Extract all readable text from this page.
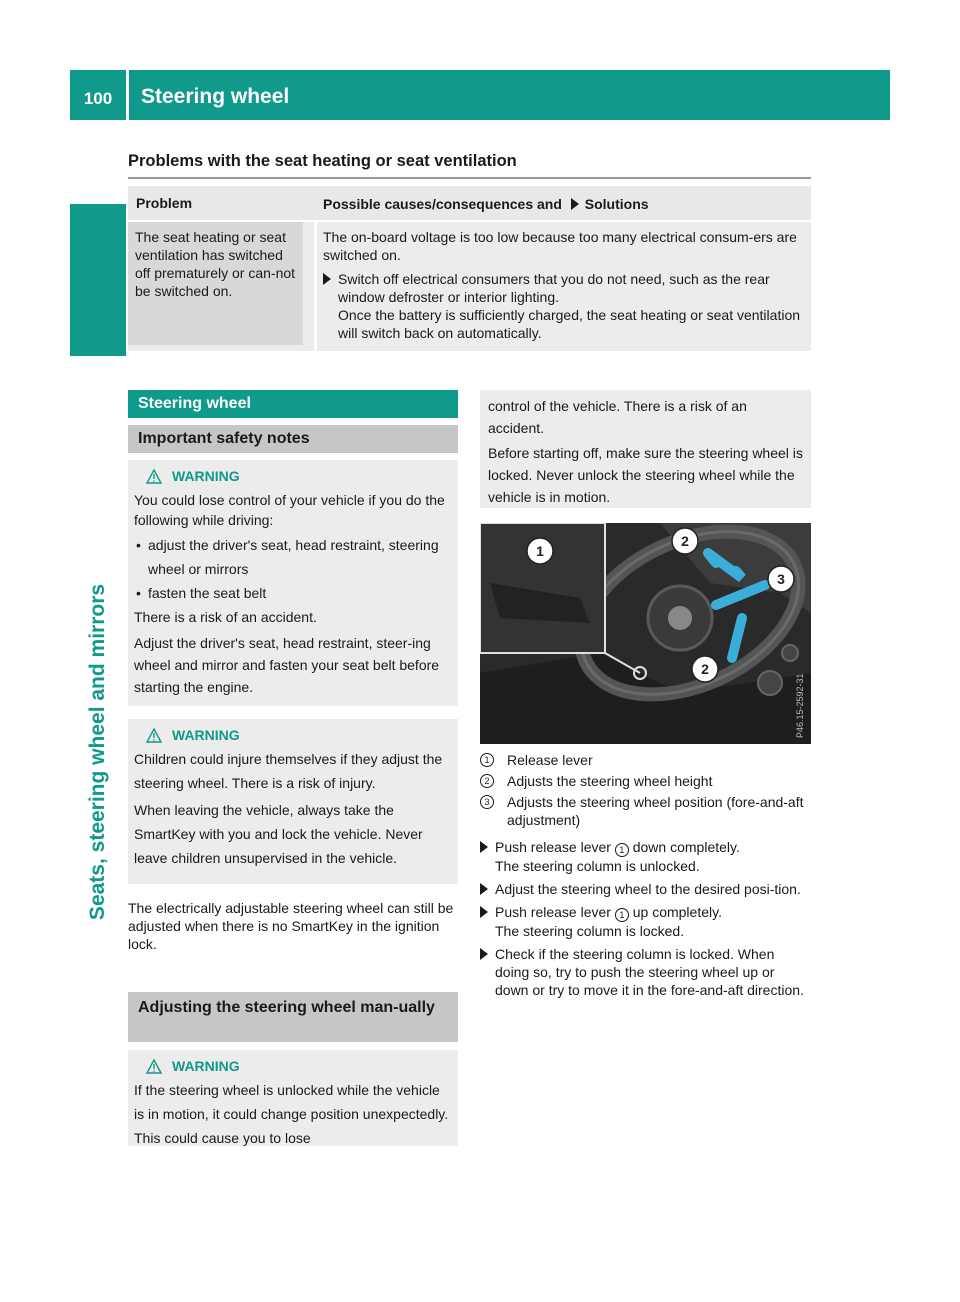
100	Steering wheel
Seats, steering wheel and mirrors
Problems with the seat heating or seat ventilation
Problem	Possible causes/consequences and Solutions
The seat heating or seat ventilation has switched off prematurely or can-not be switched on.

The on-board voltage is too low because too many electrical consum-ers are switched on.

Switch off electrical consumers that you do not need, such as the rear window defroster or interior lighting.
Once the battery is sufficiently charged, the seat heating or seat ventilation will switch back on automatically.
Steering wheel
Important safety notes
WARNING

You could lose control of your vehicle if you do the following while driving:

• adjust the driver's seat, head restraint, steering wheel or mirrors
• fasten the seat belt

There is a risk of an accident.

Adjust the driver's seat, head restraint, steer-ing wheel and mirror and fasten your seat belt before starting the engine.

WARNING

Children could injure themselves if they adjust the steering wheel. There is a risk of injury.

When leaving the vehicle, always take the SmartKey with you and lock the vehicle. Never leave children unsupervised in the vehicle.

The electrically adjustable steering wheel can still be adjusted when there is no SmartKey in the ignition lock.
Adjusting the steering wheel man-ually
WARNING

If the steering wheel is unlocked while the vehicle is in motion, it could change position unexpectedly. This could cause you to lose

control of the vehicle. There is a risk of an accident.

Before starting off, make sure the steering wheel is locked. Never unlock the steering wheel while the vehicle is in motion.

1
2
3
2
P46.15-2592-31
1	Release lever
2	Adjusts the steering wheel height
3	Adjusts the steering wheel position (fore-and-aft adjustment)
Push release lever 1 down completely.
The steering column is unlocked.
Adjust the steering wheel to the desired posi-tion.
Push release lever 1 up completely.
The steering column is locked.
Check if the steering column is locked. When doing so, try to push the steering wheel up or down or try to move it in the fore-and-aft direction.
